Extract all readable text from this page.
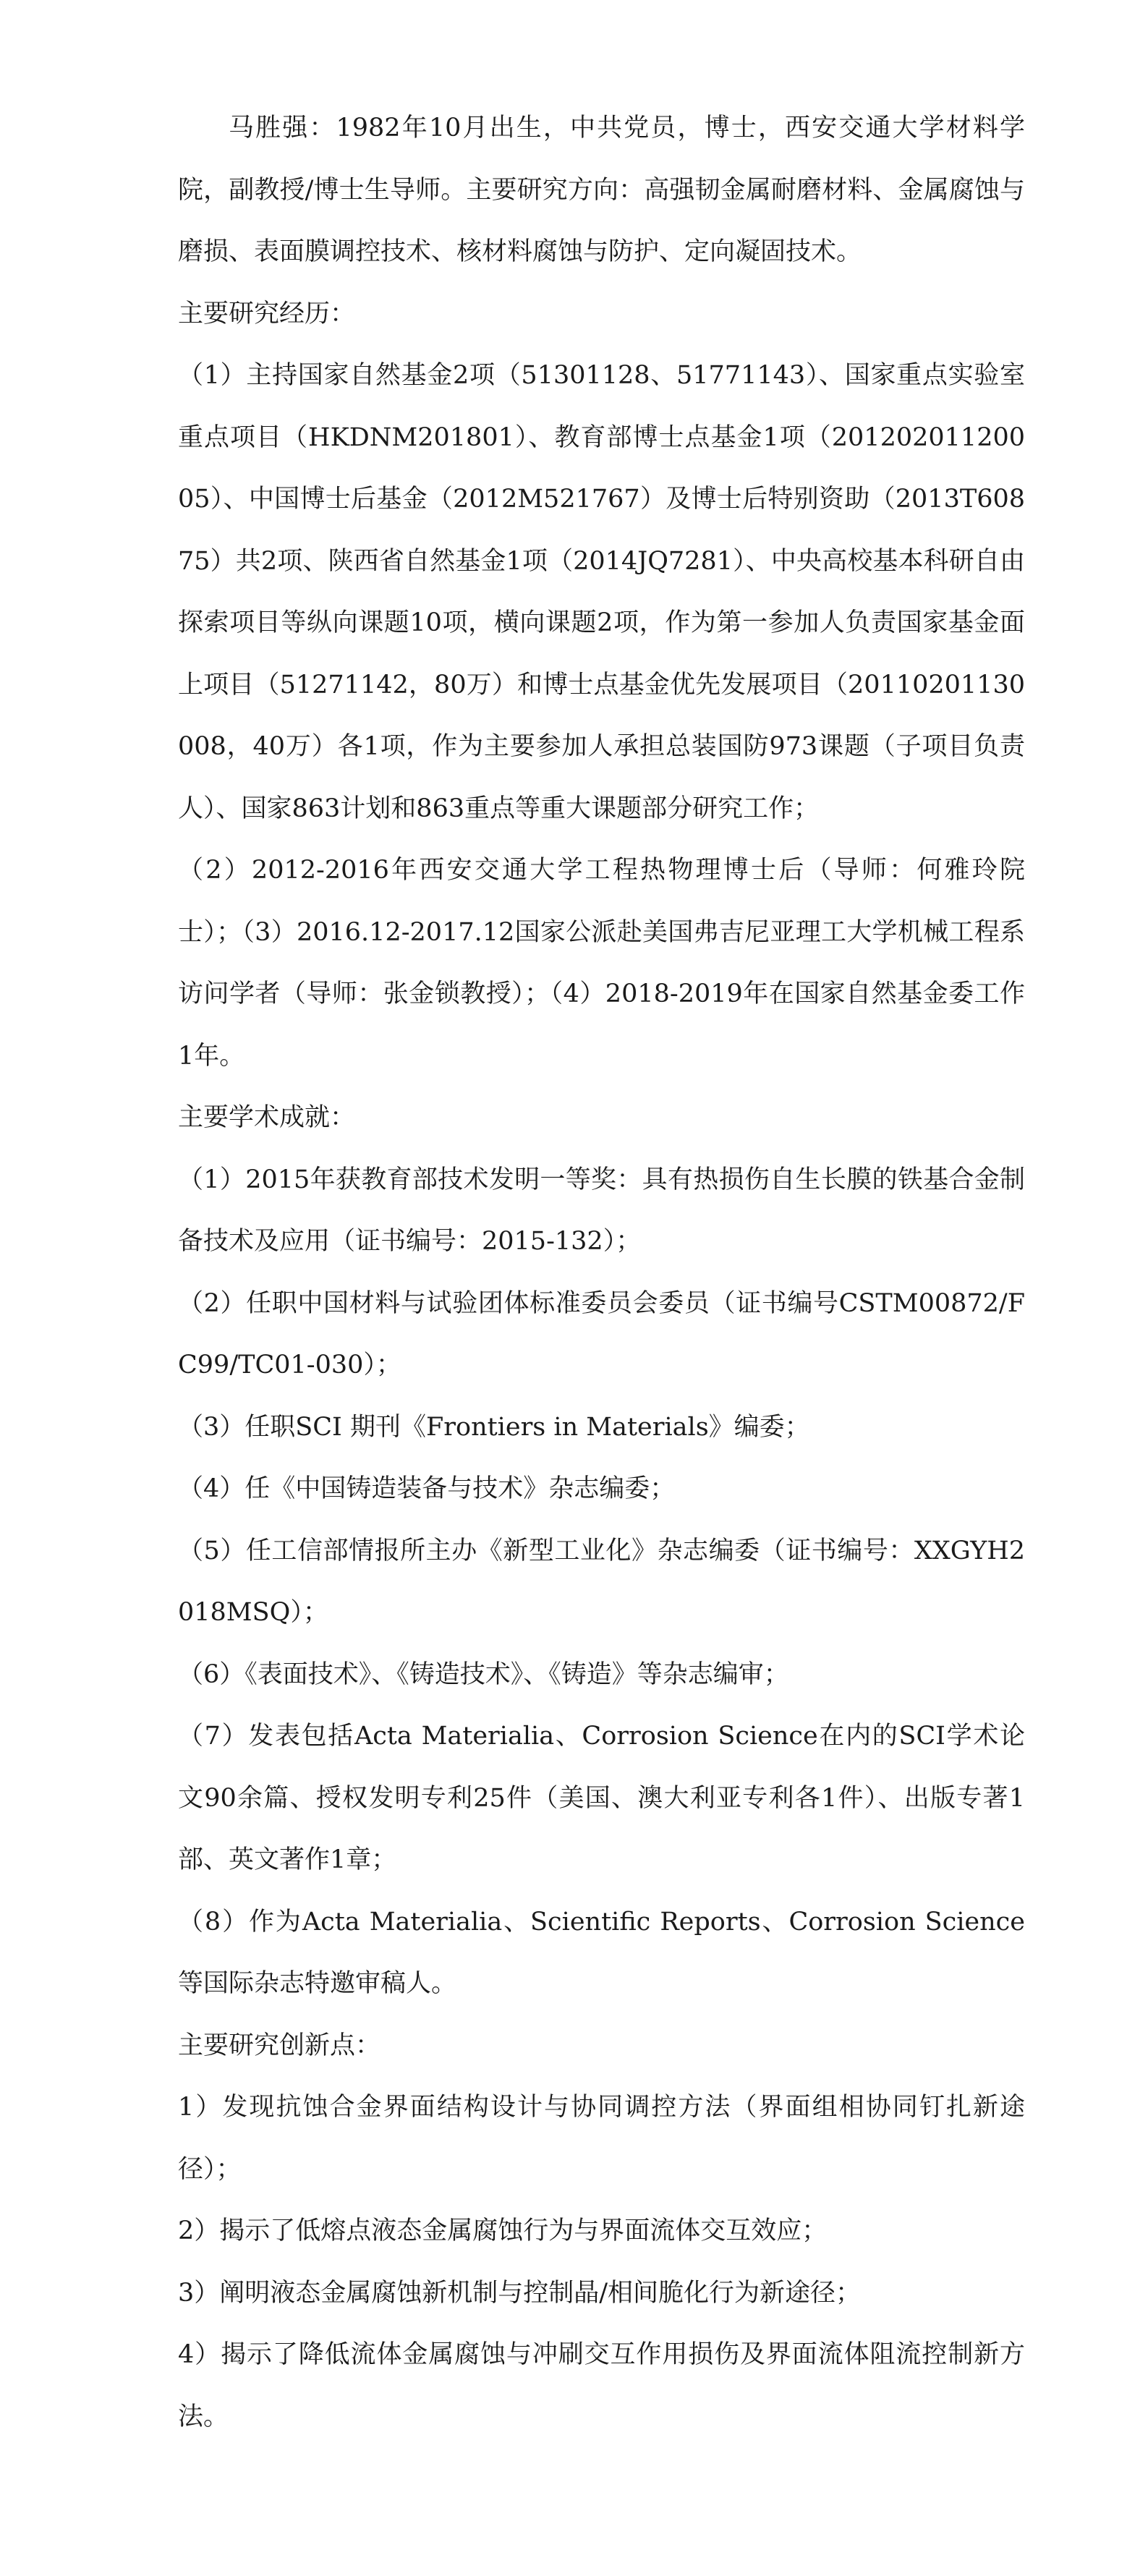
马胜强：1982年10月出生，中共党员，博士，西安交通大学材料学院，副教授/博士生导师。主要研究方向：高强韧金属耐磨材料、金属腐蚀与磨损、表面膜调控技术、核材料腐蚀与防护、定向凝固技术。

主要研究经历：

（1）主持国家自然基金2项（51301128、51771143）、国家重点实验室重点项目（HKDNM201801）、教育部博士点基金1项（20120201120005）、中国博士后基金（2012M521767）及博士后特别资助（2013T60875）共2项、陕西省自然基金1项（2014JQ7281）、中央高校基本科研自由探索项目等纵向课题10项，横向课题2项，作为第一参加人负责国家基金面上项目（51271142，80万）和博士点基金优先发展项目（20110201130008，40万）各1项，作为主要参加人承担总装国防973课题（子项目负责人）、国家863计划和863重点等重大课题部分研究工作；

（2）2012-2016年西安交通大学工程热物理博士后（导师：何雅玲院士）；（3）2016.12-2017.12国家公派赴美国弗吉尼亚理工大学机械工程系访问学者（导师：张金锁教授）；（4）2018-2019年在国家自然基金委工作1年。

主要学术成就：

（1）2015年获教育部技术发明一等奖：具有热损伤自生长膜的铁基合金制备技术及应用（证书编号：2015-132）；

（2）任职中国材料与试验团体标准委员会委员（证书编号CSTM00872/FC99/TC01-030）；

（3）任职SCI 期刊《Frontiers in Materials》编委；

（4）任《中国铸造装备与技术》杂志编委；

（5）任工信部情报所主办《新型工业化》杂志编委（证书编号：XXGYH2018MSQ）；

（6）《表面技术》、《铸造技术》、《铸造》等杂志编审；

（7）发表包括Acta Materialia、Corrosion Science在内的SCI学术论文90余篇、授权发明专利25件（美国、澳大利亚专利各1件）、出版专著1部、英文著作1章；

（8）作为Acta Materialia、Scientific Reports、Corrosion Science等国际杂志特邀审稿人。

主要研究创新点：

1）发现抗蚀合金界面结构设计与协同调控方法（界面组相协同钉扎新途径）；

2）揭示了低熔点液态金属腐蚀行为与界面流体交互效应；

3）阐明液态金属腐蚀新机制与控制晶/相间脆化行为新途径；

4）揭示了降低流体金属腐蚀与冲刷交互作用损伤及界面流体阻流控制新方法。
